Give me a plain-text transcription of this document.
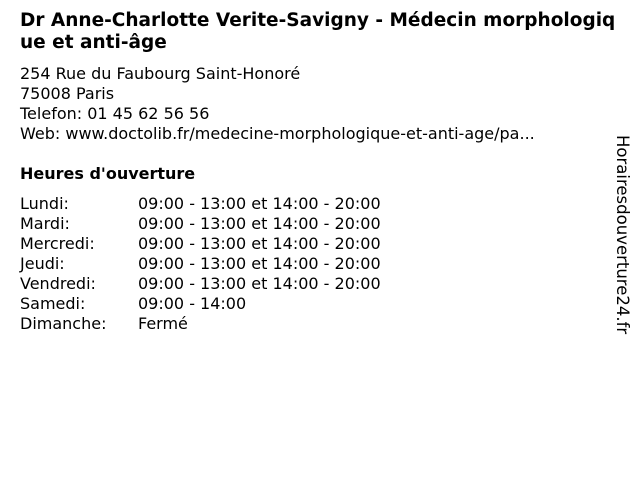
Dr Anne-Charlotte Verite-Savigny - Médecin morphologique et anti-âge
254 Rue du Faubourg Saint-Honoré
75008 Paris
Telefon: 01 45 62 56 56
Web: www.doctolib.fr/medecine-morphologique-et-anti-age/pa...
Heures d'ouverture
Lundi:	09:00 - 13:00 et 14:00 - 20:00
Mardi:	09:00 - 13:00 et 14:00 - 20:00
Mercredi:	09:00 - 13:00 et 14:00 - 20:00
Jeudi:	09:00 - 13:00 et 14:00 - 20:00
Vendredi:	09:00 - 13:00 et 14:00 - 20:00
Samedi:	09:00 - 14:00
Dimanche:	Fermé	Horairesdouverture24.fr
